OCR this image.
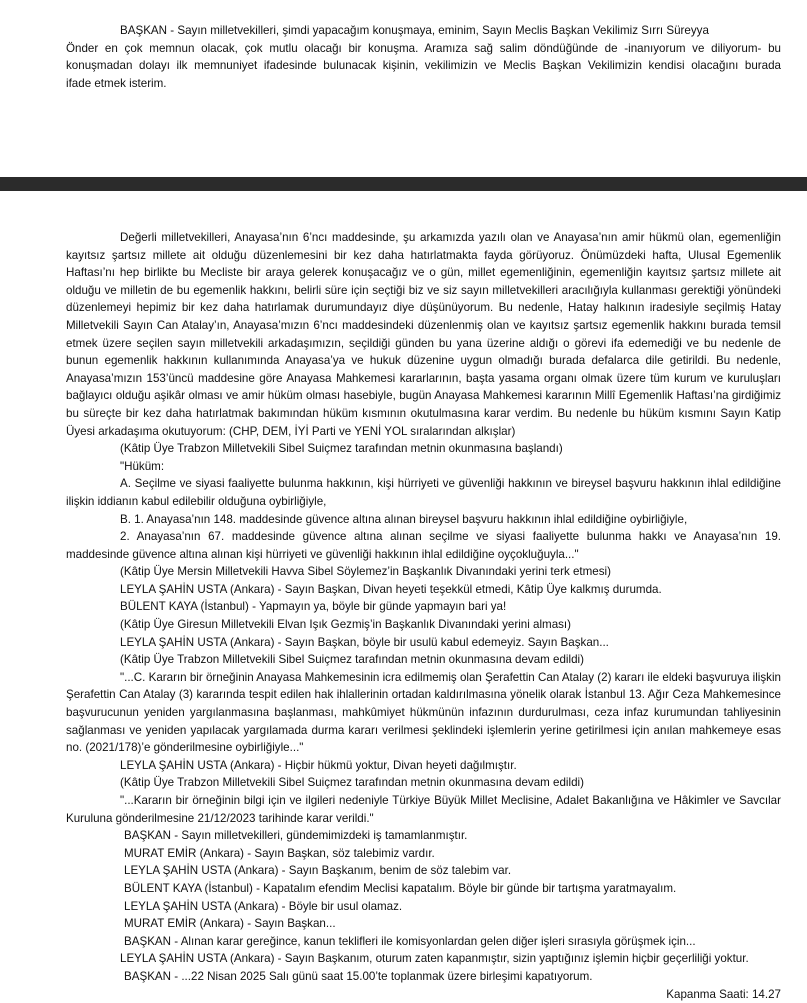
BAŞKAN - Sayın milletvekilleri, şimdi yapacağım konuşmaya, eminim, Sayın Meclis Başkan Vekilimiz Sırrı Süreyya
Önder en çok memnun olacak, çok mutlu olacağı bir konuşma. Aramıza sağ salim döndüğünde de -inanıyorum ve diliyorum- bu
konuşmadan dolayı ilk memnuniyet ifadesinde bulunacak kişinin, vekilimizin ve Meclis Başkan Vekilimizin kendisi olacağını burada
ifade etmek isterim.
Değerli milletvekilleri, Anayasa’nın 6’ncı maddesinde, şu arkamızda yazılı olan ve Anayasa’nın amir hükmü olan, egemenliğin kayıtsız şartsız millete ait olduğu düzenlemesini bir kez daha hatırlatmakta fayda görüyoruz. Önümüzdeki hafta, Ulusal Egemenlik Haftası’nı hep birlikte bu Mecliste bir araya gelerek konuşacağız ve o gün, millet egemenliğinin, egemenliğin kayıtsız şartsız millete ait olduğu ve milletin de bu egemenlik hakkını, belirli süre için seçtiği biz ve siz sayın milletvekilleri aracılığıyla kullanması gerektiği yönündeki düzenlemeyi hepimiz bir kez daha hatırlamak durumundayız diye düşünüyorum. Bu nedenle, Hatay halkının iradesiyle seçilmiş Hatay Milletvekili Sayın Can Atalay’ın, Anayasa’mızın 6’ncı maddesindeki düzenlenmiş olan ve kayıtsız şartsız egemenlik hakkını burada temsil etmek üzere seçilen sayın milletvekili arkadaşımızın, seçildiği günden bu yana üzerine aldığı o görevi ifa edemediği ve bu nedenle de bunun egemenlik hakkının kullanımında Anayasa’ya ve hukuk düzenine uygun olmadığı burada defalarca dile getirildi. Bu nedenle, Anayasa’mızın 153’üncü maddesine göre Anayasa Mahkemesi kararlarının, başta yasama organı olmak üzere tüm kurum ve kuruluşları bağlayıcı olduğu aşikâr olması ve amir hüküm olması hasebiyle, bugün Anayasa Mahkemesi kararının Millî Egemenlik Haftası’na girdiğimiz bu süreçte bir kez daha hatırlatmak bakımından hüküm kısmının okutulmasına karar verdim. Bu nedenle bu hüküm kısmını Sayın Katip Üyesi arkadaşıma okutuyorum: (CHP, DEM, İYİ Parti ve YENİ YOL sıralarından alkışlar)
(Kâtip Üye Trabzon Milletvekili Sibel Suiçmez tarafından metnin okunmasına başlandı)
"Hüküm:
A. Seçilme ve siyasi faaliyette bulunma hakkının, kişi hürriyeti ve güvenliği hakkının ve bireysel başvuru hakkının ihlal edildiğine ilişkin iddianın kabul edilebilir olduğuna oybirliğiyle,
B. 1. Anayasa’nın 148. maddesinde güvence altına alınan bireysel başvuru hakkının ihlal edildiğine oybirliğiyle,
2. Anayasa’nın 67. maddesinde güvence altına alınan seçilme ve siyasi faaliyette bulunma hakkı ve Anayasa’nın 19. maddesinde güvence altına alınan kişi hürriyeti ve güvenliği hakkının ihlal edildiğine oyçokluğuyla..."
(Kâtip Üye Mersin Milletvekili Havva Sibel Söylemez’in Başkanlık Divanındaki yerini terk etmesi)
LEYLA ŞAHİN USTA (Ankara) - Sayın Başkan, Divan heyeti teşekkül etmedi, Kâtip Üye kalkmış durumda.
BÜLENT KAYA (İstanbul) - Yapmayın ya, böyle bir günde yapmayın bari ya!
(Kâtip Üye Giresun Milletvekili Elvan Işık Gezmiş’in Başkanlık Divanındaki yerini alması)
LEYLA ŞAHİN USTA (Ankara) - Sayın Başkan, böyle bir usulü kabul edemeyiz. Sayın Başkan...
(Kâtip Üye Trabzon Milletvekili Sibel Suiçmez tarafından metnin okunmasına devam edildi)
"...C. Kararın bir örneğinin Anayasa Mahkemesinin icra edilmemiş olan Şerafettin Can Atalay (2) kararı ile eldeki başvuruya ilişkin Şerafettin Can Atalay (3) kararında tespit edilen hak ihlallerinin ortadan kaldırılmasına yönelik olarak İstanbul 13. Ağır Ceza Mahkemesince başvurucunun yeniden yargılanmasına başlanması, mahkûmiyet hükmünün infazının durdurulması, ceza infaz kurumundan tahliyesinin sağlanması ve yeniden yapılacak yargılamada durma kararı verilmesi şeklindeki işlemlerin yerine getirilmesi için anılan mahkemeye esas no. (2021/178)’e gönderilmesine oybirliğiyle..."
LEYLA ŞAHİN USTA (Ankara) - Hiçbir hükmü yoktur, Divan heyeti dağılmıştır.
(Kâtip Üye Trabzon Milletvekili Sibel Suiçmez tarafından metnin okunmasına devam edildi)
"...Kararın bir örneğinin bilgi için ve ilgileri nedeniyle Türkiye Büyük Millet Meclisine, Adalet Bakanlığına ve Hâkimler ve Savcılar Kuruluna gönderilmesine 21/12/2023 tarihinde karar verildi."
BAŞKAN - Sayın milletvekilleri, gündemimizdeki iş tamamlanmıştır.
MURAT EMİR (Ankara) - Sayın Başkan, söz talebimiz vardır.
LEYLA ŞAHİN USTA (Ankara) - Sayın Başkanım, benim de söz talebim var.
BÜLENT KAYA (İstanbul) - Kapatalım efendim Meclisi kapatalım. Böyle bir günde bir tartışma yaratmayalım.
LEYLA ŞAHİN USTA (Ankara) - Böyle bir usul olamaz.
MURAT EMİR (Ankara) - Sayın Başkan...
BAŞKAN - Alınan karar gereğince, kanun teklifleri ile komisyonlardan gelen diğer işleri sırasıyla görüşmek için...
LEYLA ŞAHİN USTA (Ankara) - Sayın Başkanım, oturum zaten kapanmıştır, sizin yaptığınız işlemin hiçbir geçerliliği yoktur.
BAŞKAN - ...22 Nisan 2025 Salı günü saat 15.00’te toplanmak üzere birleşimi kapatıyorum.
Kapanma Saati: 14.27
